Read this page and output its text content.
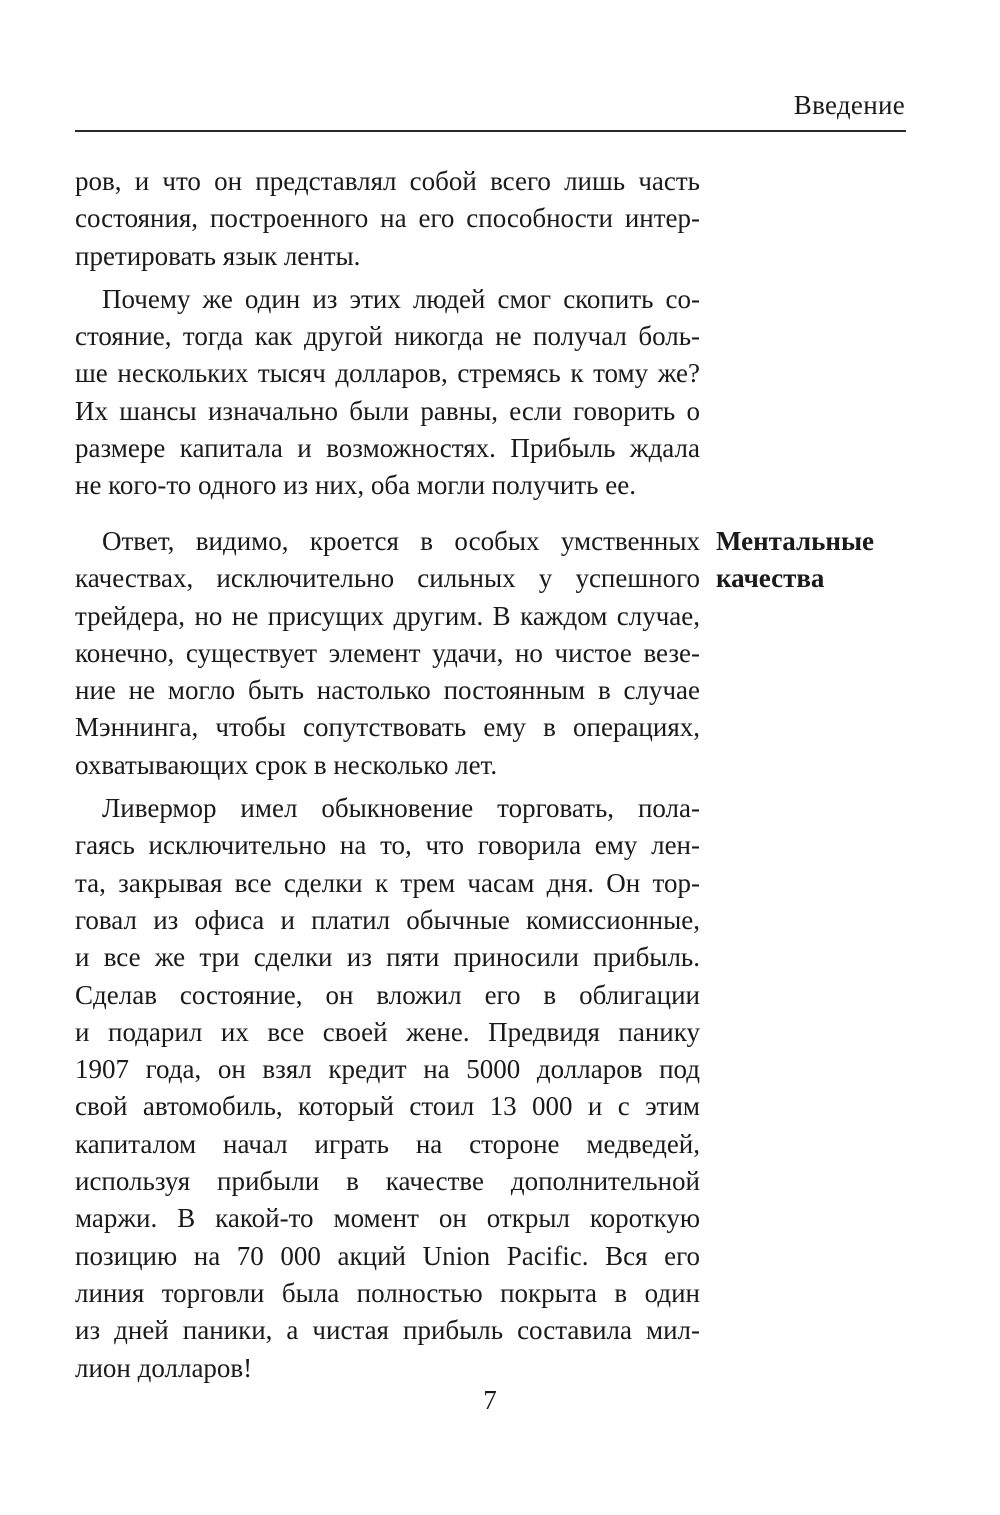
Введение

ров, и что он представлял собой всего лишь часть
состояния, построенного на его способности интер-
претировать язык ленты.

Почему же один из этих людей смог скопить со-
стояние, тогда как другой никогда не получал боль-
ше нескольких тысяч долларов, стремясь к тому же?
Их шансы изначально были равны, если говорить о
размере капитала и возможностях. Прибыль ждала
не кого-то одного из них, оба могли получить ее.

Ментальные
качества

Ответ, видимо, кроется в особых умственных
качествах, исключительно сильных у успешного
трейдера, но не присущих другим. В каждом случае,
конечно, существует элемент удачи, но чистое везе-
ние не могло быть настолько постоянным в случае
Мэннинга, чтобы сопутствовать ему в операциях,
охватывающих срок в несколько лет.

Ливермор имел обыкновение торговать, пола-
гаясь исключительно на то, что говорила ему лен-
та, закрывая все сделки к трем часам дня. Он тор-
говал из офиса и платил обычные комиссионные,
и все же три сделки из пяти приносили прибыль.
Сделав состояние, он вложил его в облигации
и подарил их все своей жене. Предвидя панику
1907 года, он взял кредит на 5000 долларов под
свой автомобиль, который стоил 13 000 и с этим
капиталом начал играть на стороне медведей,
используя прибыли в качестве дополнительной
маржи. В какой-то момент он открыл короткую
позицию на 70 000 акций Union Pacific. Вся его
линия торговли была полностью покрыта в один
из дней паники, а чистая прибыль составила мил-
лион долларов!

7
